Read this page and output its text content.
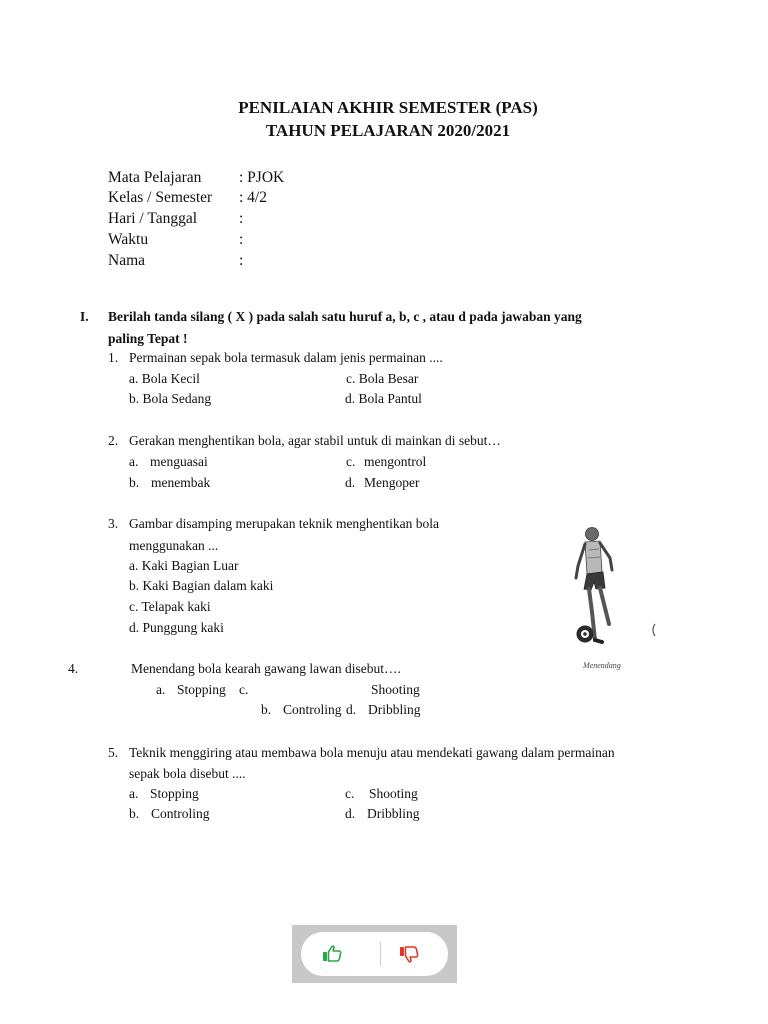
PENILAIAN AKHIR SEMESTER (PAS)
TAHUN PELAJARAN 2020/2021
Mata Pelajaran : PJOK
Kelas / Semester : 4/2
Hari / Tanggal	:
Waktu	:
Nama	:
I. Berilah tanda silang ( X ) pada salah satu huruf a, b, c , atau d pada jawaban yang
paling Tepat !
1. Permainan sepak bola termasuk dalam jenis permainan ....
a. Bola Kecil	c. Bola Besar
b. Bola Sedang	d. Bola Pantul
2. Gerakan menghentikan bola, agar stabil untuk di mainkan di sebut…
a. menguasai	c. mengontrol
b. menembak	d. Mengoper
3. Gambar disamping merupakan teknik menghentikan bola
menggunakan ...
a. Kaki Bagian Luar
b. Kaki Bagian dalam kaki
c. Telapak kaki
d. Punggung kaki
Menendang
4.	Menendang bola kearah gawang lawan disebut….
a. Stopping c.	Shooting
b. Controling d. Dribbling
5. Teknik menggiring atau membawa bola menuju atau mendekati gawang dalam permainan
sepak bola disebut ....
a. Stopping	c. Shooting
b. Controling	d. Dribbling
